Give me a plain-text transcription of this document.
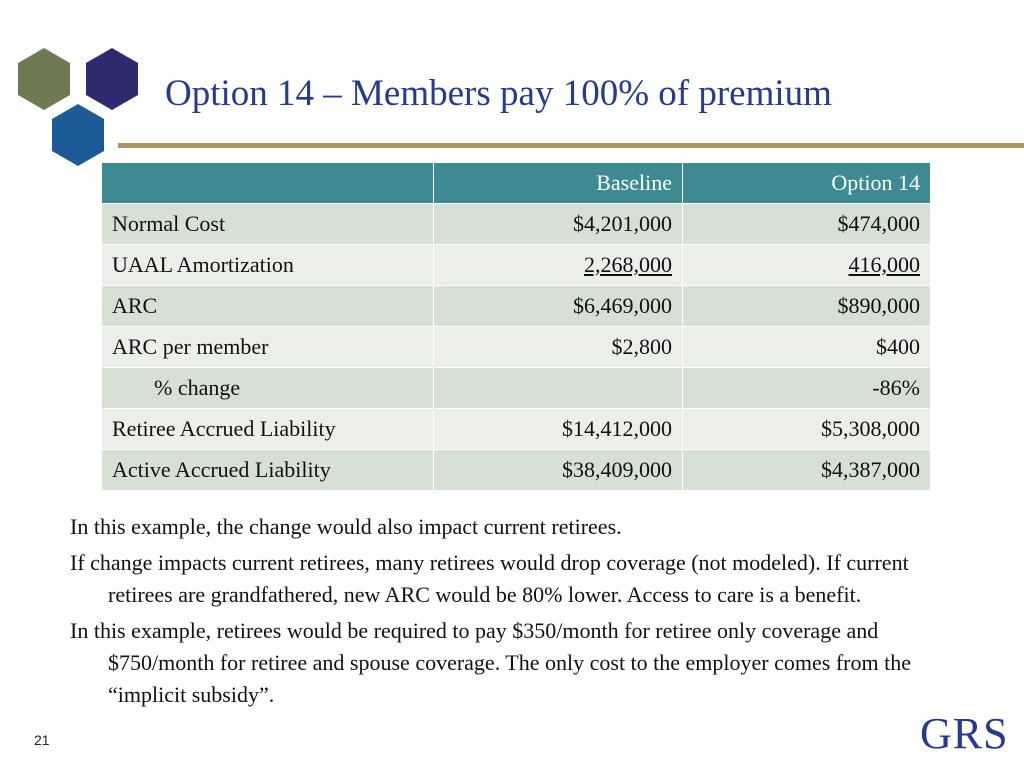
Option 14 – Members pay 100% of premium
	Baseline	Option 14
Normal Cost	$4,201,000	$474,000
UAAL Amortization	2,268,000	416,000
ARC	$6,469,000	$890,000
ARC per member	$2,800	$400
% change		-86%
Retiree Accrued Liability	$14,412,000	$5,308,000
Active Accrued Liability	$38,409,000	$4,387,000

In this example, the change would also impact current retirees.

If change impacts current retirees, many retirees would drop coverage (not modeled). If current retirees are grandfathered, new ARC would be 80% lower. Access to care is a benefit.

In this example, retirees would be required to pay $350/month for retiree only coverage and $750/month for retiree and spouse coverage. The only cost to the employer comes from the “implicit subsidy”.

21	GRS
